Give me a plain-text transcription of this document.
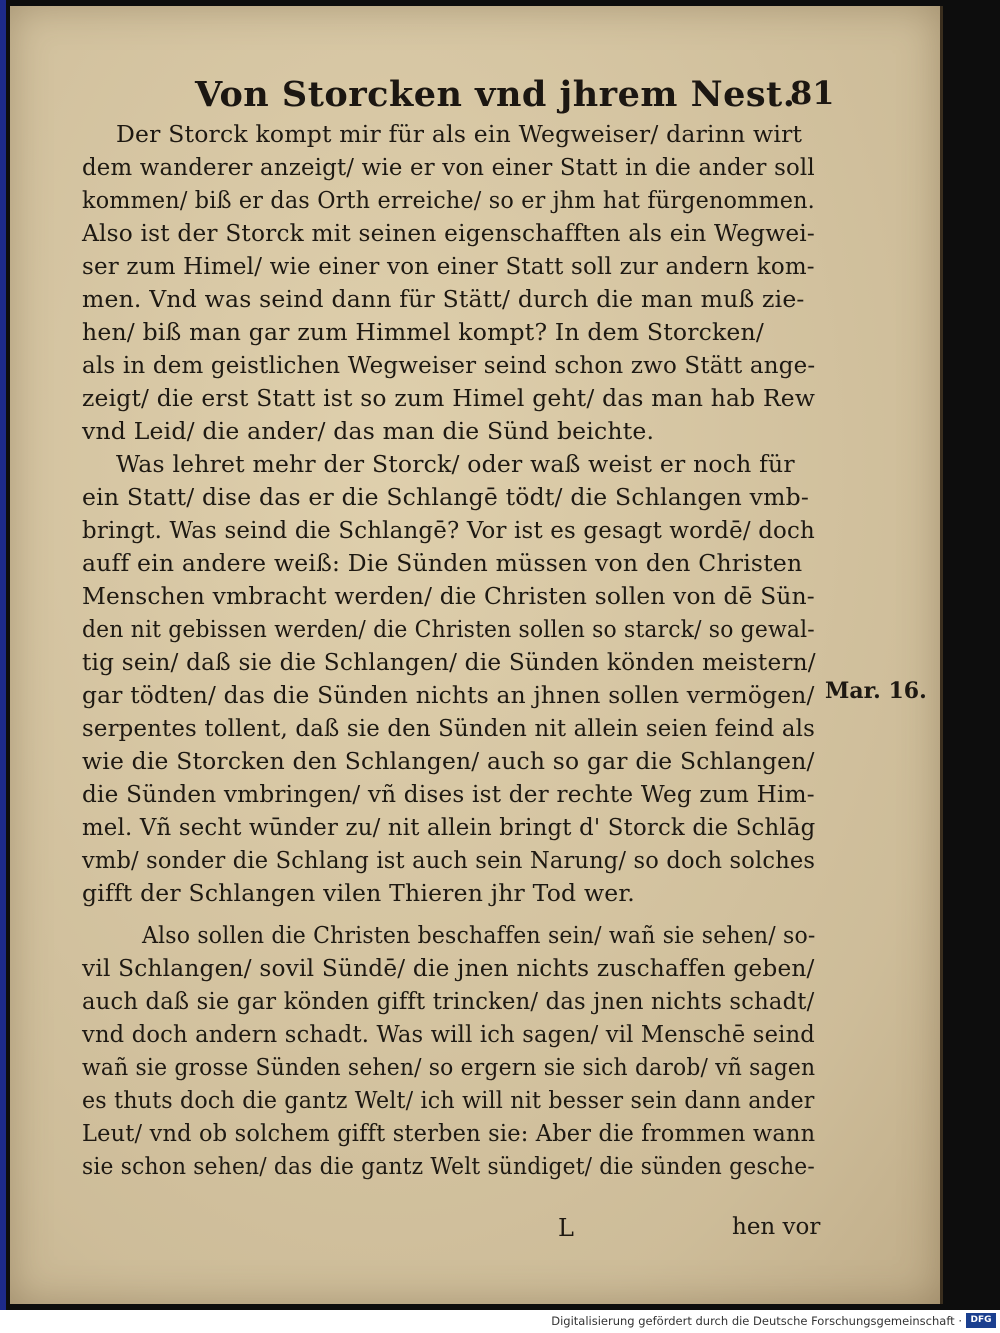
Von Storcken vnd jhrem Nest.
81
Der Storck kompt mir für als ein Wegweiser/ darinn wirt
dem wanderer anzeigt/ wie er von einer Statt in die ander soll
kommen/ biß er das Orth erreiche/ so er jhm hat fürgenommen.
Also ist der Storck mit seinen eigenschafften als ein Wegwei-
ser zum Himel/ wie einer von einer Statt soll zur andern kom-
men. Vnd was seind dann für Stätt/ durch die man muß zie-
hen/ biß man gar zum Himmel kompt? In dem Storcken/
als in dem geistlichen Wegweiser seind schon zwo Stätt ange-
zeigt/ die erst Statt ist so zum Himel geht/ das man hab Rew
vnd Leid/ die ander/ das man die Sünd beichte.
Was lehret mehr der Storck/ oder waß weist er noch für
ein Statt/ dise das er die Schlangē tödt/ die Schlangen vmb-
bringt. Was seind die Schlangē? Vor ist es gesagt wordē/ doch
auff ein andere weiß: Die Sünden müssen von den Christen
Menschen vmbracht werden/ die Christen sollen von dē Sün-
den nit gebissen werden/ die Christen sollen so starck/ so gewal-
tig sein/ daß sie die Schlangen/ die Sünden könden meistern/
gar tödten/ das die Sünden nichts an jhnen sollen vermögen/
serpentes tollent, daß sie den Sünden nit allein seien feind als
wie die Storcken den Schlangen/ auch so gar die Schlangen/
die Sünden vmbringen/ vñ dises ist der rechte Weg zum Him-
mel. Vñ secht wūnder zu/ nit allein bringt d' Storck die Schlāg
vmb/ sonder die Schlang ist auch sein Narung/ so doch solches
gifft der Schlangen vilen Thieren jhr Tod wer.
Also sollen die Christen beschaffen sein/ wañ sie sehen/ so-
vil Schlangen/ sovil Sündē/ die jnen nichts zuschaffen geben/
auch daß sie gar könden gifft trincken/ das jnen nichts schadt/
vnd doch andern schadt. Was will ich sagen/ vil Menschē seind
wañ sie grosse Sünden sehen/ so ergern sie sich darob/ vñ sagen
es thuts doch die gantz Welt/ ich will nit besser sein dann ander
Leut/ vnd ob solchem gifft sterben sie: Aber die frommen wann
sie schon sehen/ das die gantz Welt sündiget/ die sünden gesche-
Mar. 16.
L	hen vor
Digitalisierung gefördert durch die Deutsche Forschungsgemeinschaft · DFG
